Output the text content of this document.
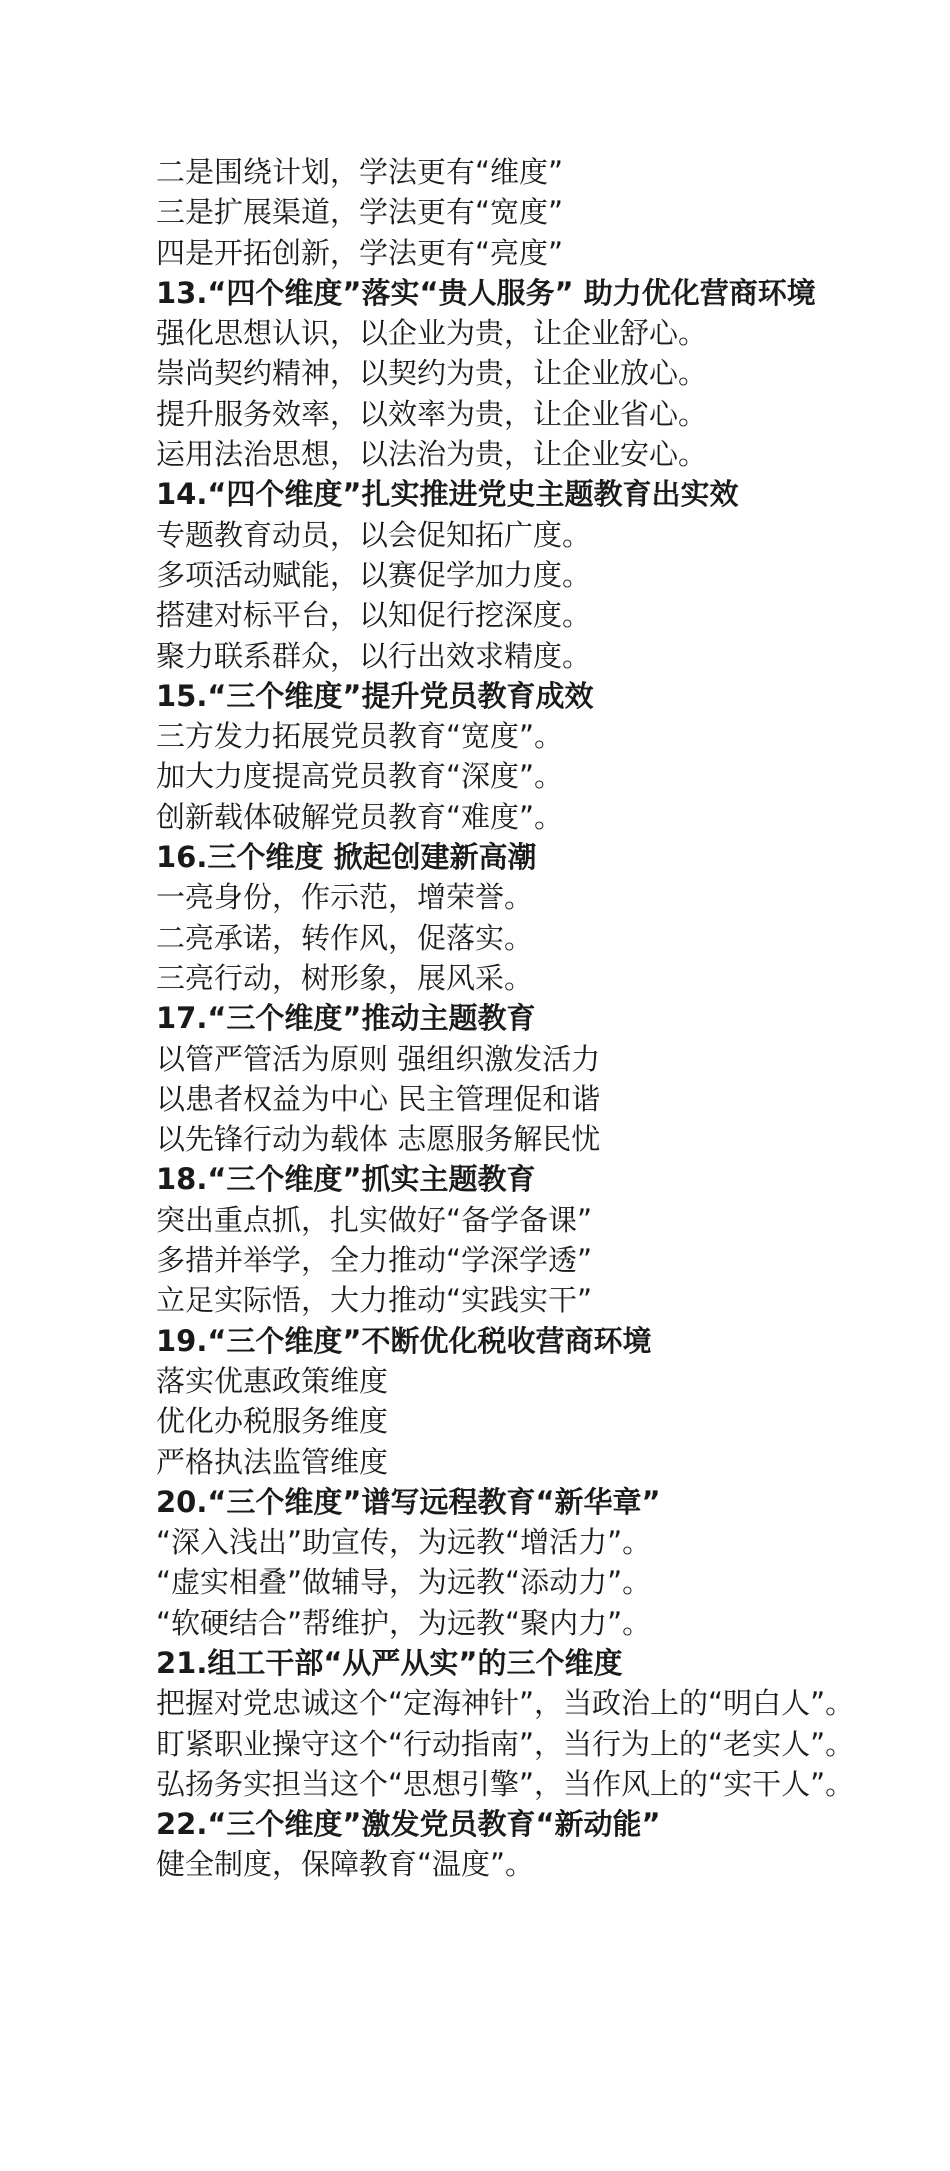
二是围绕计划，学法更有“维度”
三是扩展渠道，学法更有“宽度”
四是开拓创新，学法更有“亮度”
13.“四个维度”落实“贵人服务” 助力优化营商环境
强化思想认识，以企业为贵，让企业舒心。
崇尚契约精神，以契约为贵，让企业放心。
提升服务效率，以效率为贵，让企业省心。
运用法治思想，以法治为贵，让企业安心。
14.“四个维度”扎实推进党史主题教育出实效
专题教育动员，以会促知拓广度。
多项活动赋能，以赛促学加力度。
搭建对标平台，以知促行挖深度。
聚力联系群众，以行出效求精度。
15.“三个维度”提升党员教育成效
三方发力拓展党员教育“宽度”。
加大力度提高党员教育“深度”。
创新载体破解党员教育“难度”。
16.三个维度 掀起创建新高潮
一亮身份，作示范，增荣誉。
二亮承诺，转作风，促落实。
三亮行动，树形象，展风采。
17.“三个维度”推动主题教育
以管严管活为原则 强组织激发活力
以患者权益为中心 民主管理促和谐
以先锋行动为载体 志愿服务解民忧
18.“三个维度”抓实主题教育
突出重点抓，扎实做好“备学备课”
多措并举学，全力推动“学深学透”
立足实际悟，大力推动“实践实干”
19.“三个维度”不断优化税收营商环境
落实优惠政策维度
优化办税服务维度
严格执法监管维度
20.“三个维度”谱写远程教育“新华章”
“深入浅出”助宣传，为远教“增活力”。
“虚实相叠”做辅导，为远教“添动力”。
“软硬结合”帮维护，为远教“聚内力”。
21.组工干部“从严从实”的三个维度
把握对党忠诚这个“定海神针”，当政治上的“明白人”。
盯紧职业操守这个“行动指南”，当行为上的“老实人”。
弘扬务实担当这个“思想引擎”，当作风上的“实干人”。
22.“三个维度”激发党员教育“新动能”
健全制度，保障教育“温度”。
